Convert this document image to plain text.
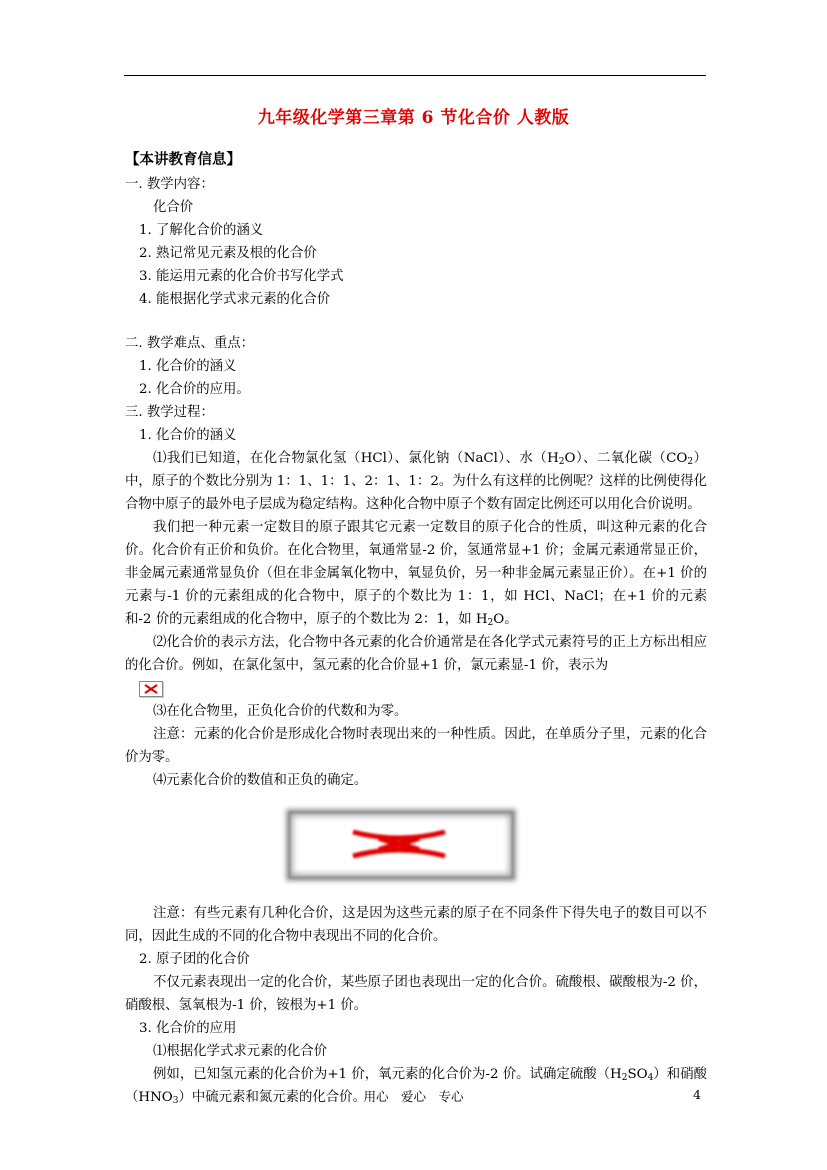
九年级化学第三章第 6 节化合价 人教版

【本讲教育信息】

一. 教学内容：

化合价

1. 了解化合价的涵义

2. 熟记常见元素及根的化合价

3. 能运用元素的化合价书写化学式

4. 能根据化学式求元素的化合价

二. 教学难点、重点：

1. 化合价的涵义

2. 化合价的应用。

三. 教学过程：

1. 化合价的涵义

⑴我们已知道，在化合物氯化氢（HCl）、氯化钠（NaCl）、水$(H_2O)$、二氧化碳$(CO_2)$中，原子的个数比分别为 1：1、1：1、2：1、1：2。为什么有这样的比例呢？这样的比例使得化合物中原子的最外电子层成为稳定结构。这种化合物中原子个数有固定比例还可以用化合价说明。

我们把一种元素一定数目的原子跟其它元素一定数目的原子化合的性质，叫这种元素的化合价。化合价有正价和负价。在化合物里，氧通常显-2 价，氢通常显+1 价；金属元素通常显正价，非金属元素通常显负价（但在非金属氧化物中，氧显负价，另一种非金属元素显正价）。在+1 价的元素与-1 价的元素组成的化合物中，原子的个数比为 1：1，如 HCl、NaCl；在+1 价的元素和-2 价的元素组成的化合物中，原子的个数比为 2：1，如 $H_2O$。

⑵化合价的表示方法，化合物中各元素的化合价通常是在各化学式元素符号的正上方标出相应的化合价。例如，在氯化氢中，氢元素的化合价显+1 价，氯元素显-1 价，表示为

⑶在化合物里，正负化合价的代数和为零。

注意：元素的化合价是形成化合物时表现出来的一种性质。因此，在单质分子里，元素的化合价为零。

⑷元素化合价的数值和正负的确定。

注意：有些元素有几种化合价，这是因为这些元素的原子在不同条件下得失电子的数目可以不同，因此生成的不同的化合物中表现出不同的化合价。

2. 原子团的化合价

不仅元素表现出一定的化合价，某些原子团也表现出一定的化合价。硫酸根、碳酸根为-2 价，硝酸根、氢氧根为-1 价，铵根为+1 价。

3. 化合价的应用

⑴根据化学式求元素的化合价

例如，已知氢元素的化合价为+1 价，氧元素的化合价为-2 价。试确定硫酸$(H_2SO_4)$和硝酸$(HNO_3)$中硫元素和氮元素的化合价。

用心　爱心　专心	4
